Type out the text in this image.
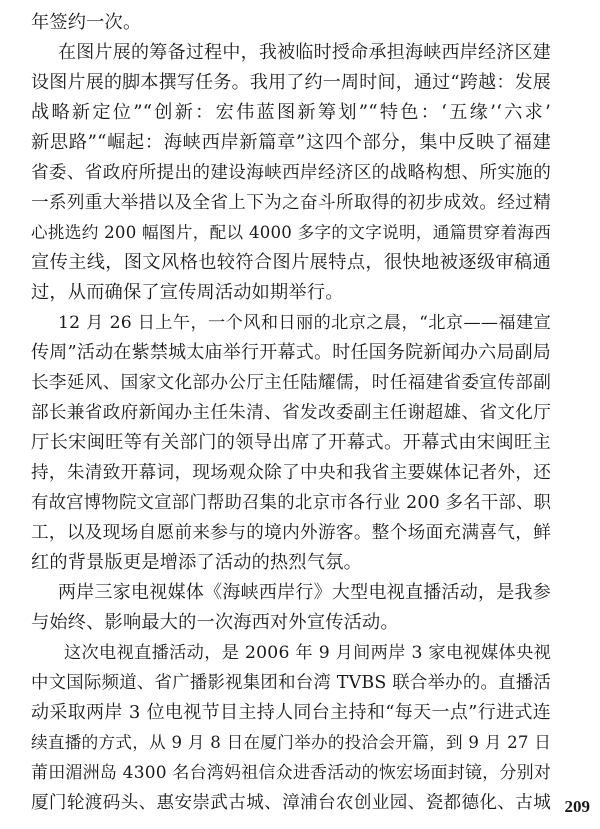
年签约一次。
在图片展的筹备过程中，我被临时授命承担海峡西岸经济区建
设图片展的脚本撰写任务。我用了约一周时间，通过“跨越：发展
战略新定位”“创新：宏伟蓝图新筹划”“特色：‘五缘’‘六求’
新思路”“崛起：海峡西岸新篇章”这四个部分，集中反映了福建
省委、省政府所提出的建设海峡西岸经济区的战略构想、所实施的
一系列重大举措以及全省上下为之奋斗所取得的初步成效。经过精
心挑选约 200 幅图片，配以 4000 多字的文字说明，通篇贯穿着海西
宣传主线，图文风格也较符合图片展特点，很快地被逐级审稿通
过，从而确保了宣传周活动如期举行。
12 月 26 日上午，一个风和日丽的北京之晨，“北京——福建宣
传周”活动在紫禁城太庙举行开幕式。时任国务院新闻办六局副局
长李延风、国家文化部办公厅主任陆耀儒，时任福建省委宣传部副
部长兼省政府新闻办主任朱清、省发改委副主任谢超雄、省文化厅
厅长宋闽旺等有关部门的领导出席了开幕式。开幕式由宋闽旺主
持，朱清致开幕词，现场观众除了中央和我省主要媒体记者外，还
有故宫博物院文宣部门帮助召集的北京市各行业 200 多名干部、职
工，以及现场自愿前来参与的境内外游客。整个场面充满喜气，鲜
红的背景版更是增添了活动的热烈气氛。
两岸三家电视媒体《海峡西岸行》大型电视直播活动，是我参
与始终、影响最大的一次海西对外宣传活动。
这次电视直播活动，是 2006 年 9 月间两岸 3 家电视媒体央视
中文国际频道、省广播影视集团和台湾 TVBS 联合举办的。直播活
动采取两岸 3 位电视节目主持人同台主持和“每天一点”行进式连
续直播的方式，从 9 月 8 日在厦门举办的投洽会开篇，到 9 月 27 日
莆田湄洲岛 4300 名台湾妈祖信众进香活动的恢宏场面封镜，分别对
厦门轮渡码头、惠安崇武古城、漳浦台农创业园、瓷都德化、古城 209
